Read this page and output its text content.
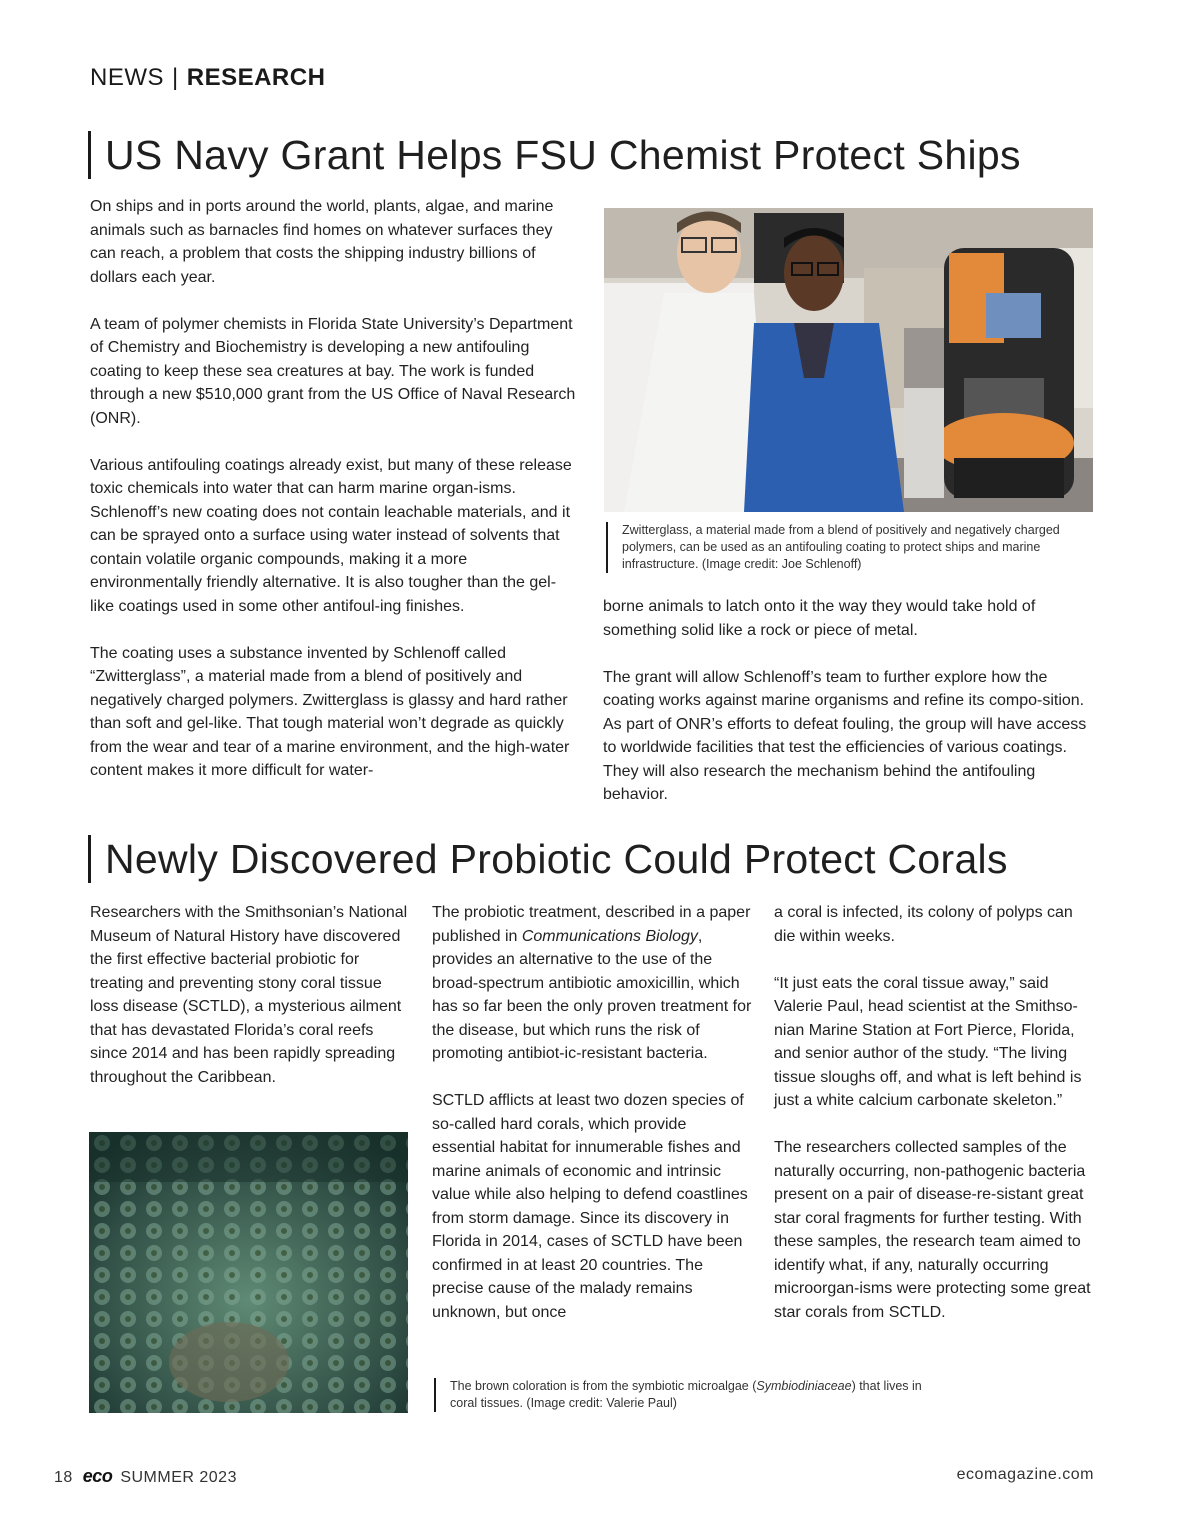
NEWS | RESEARCH
US Navy Grant Helps FSU Chemist Protect Ships

On ships and in ports around the world, plants, algae, and marine animals such as barnacles find homes on whatever surfaces they can reach, a problem that costs the shipping industry billions of dollars each year.

A team of polymer chemists in Florida State University’s Department of Chemistry and Biochemistry is developing a new antifouling coating to keep these sea creatures at bay. The work is funded through a new $510,000 grant from the US Office of Naval Research (ONR).

Various antifouling coatings already exist, but many of these release toxic chemicals into water that can harm marine organ-isms. Schlenoff’s new coating does not contain leachable materials, and it can be sprayed onto a surface using water instead of solvents that contain volatile organic compounds, making it a more environmentally friendly alternative. It is also tougher than the gel-like coatings used in some other antifoul-ing finishes.

The coating uses a substance invented by Schlenoff called “Zwitterglass”, a material made from a blend of positively and negatively charged polymers. Zwitterglass is glassy and hard rather than soft and gel-like. That tough material won’t degrade as quickly from the wear and tear of a marine environment, and the high-water content makes it more difficult for water-

Zwitterglass, a material made from a blend of positively and negatively charged polymers, can be used as an antifouling coating to protect ships and marine infrastructure. (Image credit: Joe Schlenoff)

borne animals to latch onto it the way they would take hold of something solid like a rock or piece of metal.

The grant will allow Schlenoff’s team to further explore how the coating works against marine organisms and refine its compo-sition. As part of ONR’s efforts to defeat fouling, the group will have access to worldwide facilities that test the efficiencies of various coatings. They will also research the mechanism behind the antifouling behavior.

Newly Discovered Probiotic Could Protect Corals

Researchers with the Smithsonian’s National Museum of Natural History have discovered the first effective bacterial probiotic for treating and preventing stony coral tissue loss disease (SCTLD), a mysterious ailment that has devastated Florida’s coral reefs since 2014 and has been rapidly spreading throughout the Caribbean.

The probiotic treatment, described in a paper published in Communications Biology, provides an alternative to the use of the broad-spectrum antibiotic amoxicillin, which has so far been the only proven treatment for the disease, but which runs the risk of promoting antibiot-ic-resistant bacteria.

SCTLD afflicts at least two dozen species of so-called hard corals, which provide essential habitat for innumerable fishes and marine animals of economic and intrinsic value while also helping to defend coastlines from storm damage. Since its discovery in Florida in 2014, cases of SCTLD have been confirmed in at least 20 countries. The precise cause of the malady remains unknown, but once

a coral is infected, its colony of polyps can die within weeks.

“It just eats the coral tissue away,” said Valerie Paul, head scientist at the Smithso-nian Marine Station at Fort Pierce, Florida, and senior author of the study. “The living tissue sloughs off, and what is left behind is just a white calcium carbonate skeleton.”

The researchers collected samples of the naturally occurring, non-pathogenic bacteria present on a pair of disease-re-sistant great star coral fragments for further testing. With these samples, the research team aimed to identify what, if any, naturally occurring microorgan-isms were protecting some great star corals from SCTLD.

The brown coloration is from the symbiotic microalgae (Symbiodiniaceae) that lives in coral tissues. (Image credit: Valerie Paul)
18 eco SUMMER 2023	ecomagazine.com
